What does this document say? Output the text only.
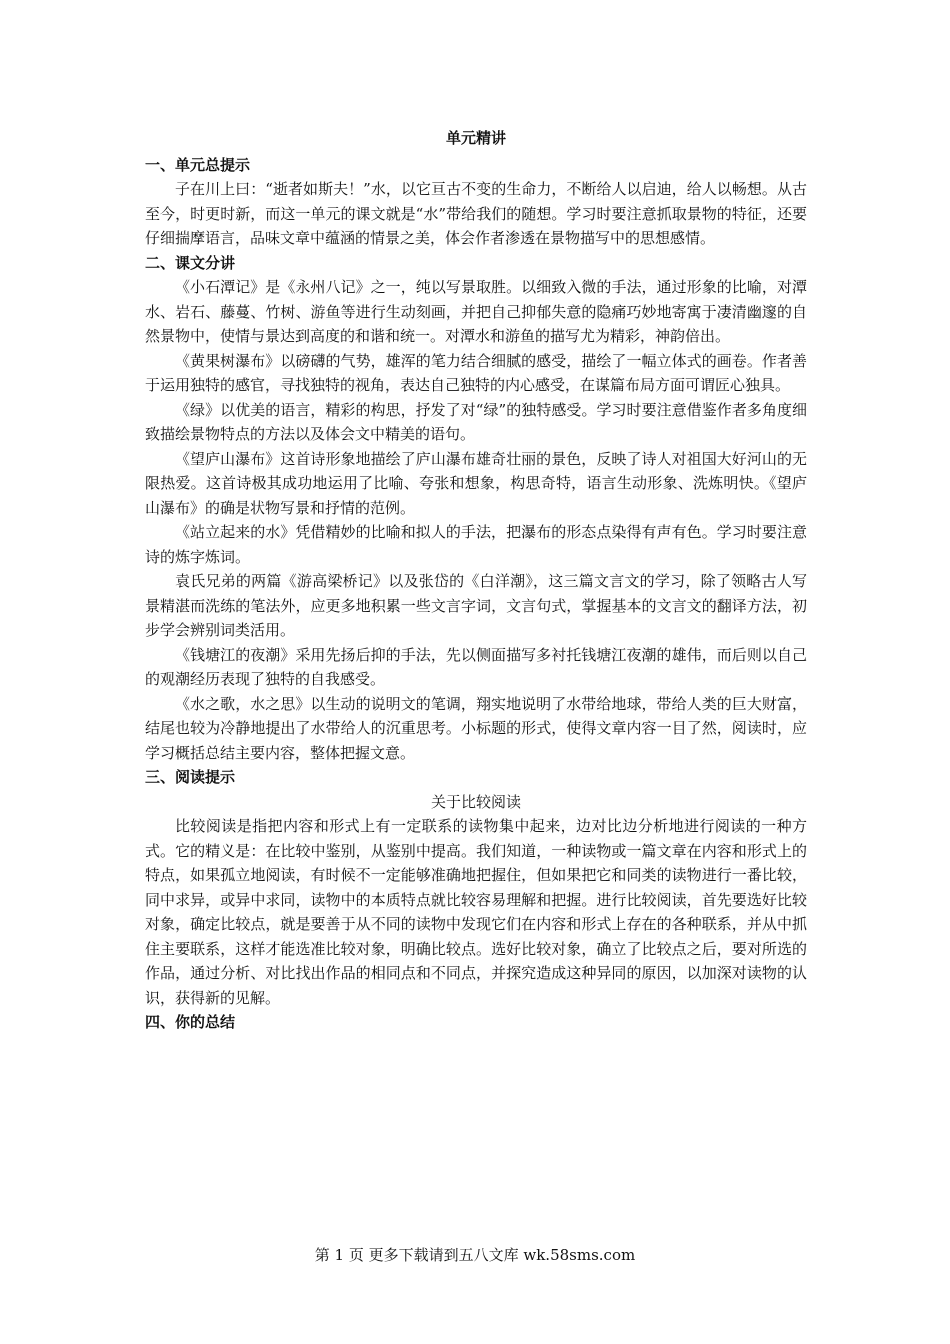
单元精讲

一、单元总提示

子在川上曰：“逝者如斯夫！”水，以它亘古不变的生命力，不断给人以启迪，给人以畅想。从古至今，时更时新，而这一单元的课文就是“水”带给我们的随想。学习时要注意抓取景物的特征，还要仔细揣摩语言，品味文章中蕴涵的情景之美，体会作者渗透在景物描写中的思想感情。

二、课文分讲

《小石潭记》是《永州八记》之一，纯以写景取胜。以细致入微的手法，通过形象的比喻，对潭水、岩石、藤蔓、竹树、游鱼等进行生动刻画，并把自己抑郁失意的隐痛巧妙地寄寓于凄清幽邃的自然景物中，使情与景达到高度的和谐和统一。对潭水和游鱼的描写尤为精彩，神韵倍出。

《黄果树瀑布》以磅礴的气势，雄浑的笔力结合细腻的感受，描绘了一幅立体式的画卷。作者善于运用独特的感官，寻找独特的视角，表达自己独特的内心感受，在谋篇布局方面可谓匠心独具。

《绿》以优美的语言，精彩的构思，抒发了对“绿”的独特感受。学习时要注意借鉴作者多角度细致描绘景物特点的方法以及体会文中精美的语句。

《望庐山瀑布》这首诗形象地描绘了庐山瀑布雄奇壮丽的景色，反映了诗人对祖国大好河山的无限热爱。这首诗极其成功地运用了比喻、夸张和想象，构思奇特，语言生动形象、洗炼明快。《望庐山瀑布》的确是状物写景和抒情的范例。

《站立起来的水》凭借精妙的比喻和拟人的手法，把瀑布的形态点染得有声有色。学习时要注意诗的炼字炼词。

袁氏兄弟的两篇《游高梁桥记》以及张岱的《白洋潮》，这三篇文言文的学习，除了领略古人写景精湛而洗练的笔法外，应更多地积累一些文言字词，文言句式，掌握基本的文言文的翻译方法，初步学会辨别词类活用。

《钱塘江的夜潮》采用先扬后抑的手法，先以侧面描写多衬托钱塘江夜潮的雄伟，而后则以自己的观潮经历表现了独特的自我感受。

《水之歌，水之思》以生动的说明文的笔调，翔实地说明了水带给地球，带给人类的巨大财富，结尾也较为冷静地提出了水带给人的沉重思考。小标题的形式，使得文章内容一目了然，阅读时，应学习概括总结主要内容，整体把握文意。

三、阅读提示

关于比较阅读

比较阅读是指把内容和形式上有一定联系的读物集中起来，边对比边分析地进行阅读的一种方式。它的精义是：在比较中鉴别，从鉴别中提高。我们知道，一种读物或一篇文章在内容和形式上的特点，如果孤立地阅读，有时候不一定能够准确地把握住，但如果把它和同类的读物进行一番比较，同中求异，或异中求同，读物中的本质特点就比较容易理解和把握。进行比较阅读，首先要选好比较对象，确定比较点，就是要善于从不同的读物中发现它们在内容和形式上存在的各种联系，并从中抓住主要联系，这样才能选准比较对象，明确比较点。选好比较对象，确立了比较点之后，要对所选的作品，通过分析、对比找出作品的相同点和不同点，并探究造成这种异同的原因，以加深对读物的认识，获得新的见解。

四、你的总结

第 1 页 更多下载请到五八文库 wk.58sms.com
